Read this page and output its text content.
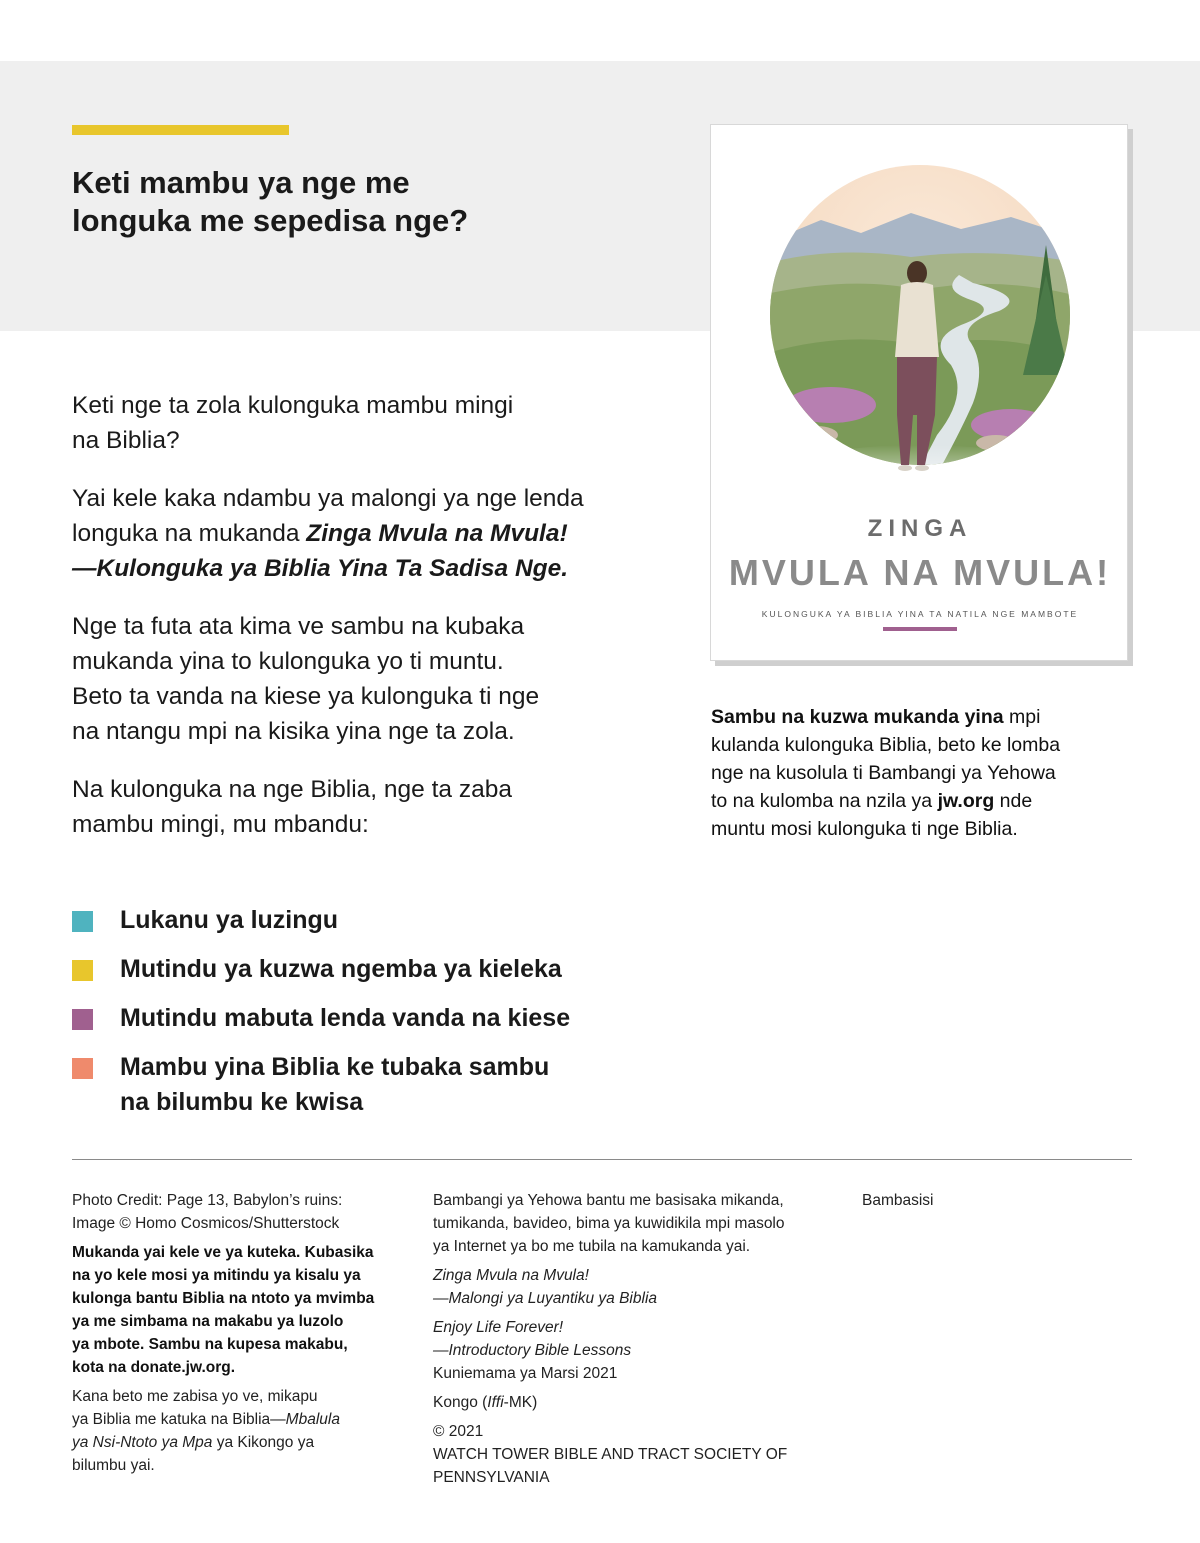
Keti mambu ya nge me
longuka me sepedisa nge?

Keti nge ta zola kulonguka mambu mingi
na Biblia?

Yai kele kaka ndambu ya malongi ya nge lenda
longuka na mukanda Zinga Mvula na Mvula!
—Kulonguka ya Biblia Yina Ta Sadisa Nge.

Nge ta futa ata kima ve sambu na kubaka
mukanda yina to kulonguka yo ti muntu.
Beto ta vanda na kiese ya kulonguka ti nge
na ntangu mpi na kisika yina nge ta zola.

Na kulonguka na nge Biblia, nge ta zaba
mambu mingi, mu mbandu:

Lukanu ya luzingu
Mutindu ya kuzwa ngemba ya kieleka
Mutindu mabuta lenda vanda na kiese
Mambu yina Biblia ke tubaka sambu
na bilumbu ke kwisa
ZINGA
MVULA NA MVULA!
KULONGUKA YA BIBLIA YINA TA NATILA NGE MAMBOTE
Sambu na kuzwa mukanda yina mpi
kulanda kulonguka Biblia, beto ke lomba
nge na kusolula ti Bambangi ya Yehowa
to na kulomba na nzila ya jw.org nde
muntu mosi kulonguka ti nge Biblia.

Photo Credit: Page 13, Babylon’s ruins:
Image © Homo Cosmicos/Shutterstock

Mukanda yai kele ve ya kuteka. Kubasika
na yo kele mosi ya mitindu ya kisalu ya
kulonga bantu Biblia na ntoto ya mvimba
ya me simbama na makabu ya luzolo
ya mbote. Sambu na kupesa makabu,
kota na donate.jw.org.

Kana beto me zabisa yo ve, mikapu
ya Biblia me katuka na Biblia—Mbalula
ya Nsi-Ntoto ya Mpa ya Kikongo ya
bilumbu yai.

Bambangi ya Yehowa bantu me basisaka mikanda,
tumikanda, bavideo, bima ya kuwidikila mpi masolo
ya Internet ya bo me tubila na kamukanda yai.

Zinga Mvula na Mvula!
—Malongi ya Luyantiku ya Biblia

Enjoy Life Forever!
—Introductory Bible Lessons
Kuniemama ya Marsi 2021

Kongo (Iffi-MK)

© 2021
WATCH TOWER BIBLE AND TRACT SOCIETY OF
PENNSYLVANIA

Bambasisi
